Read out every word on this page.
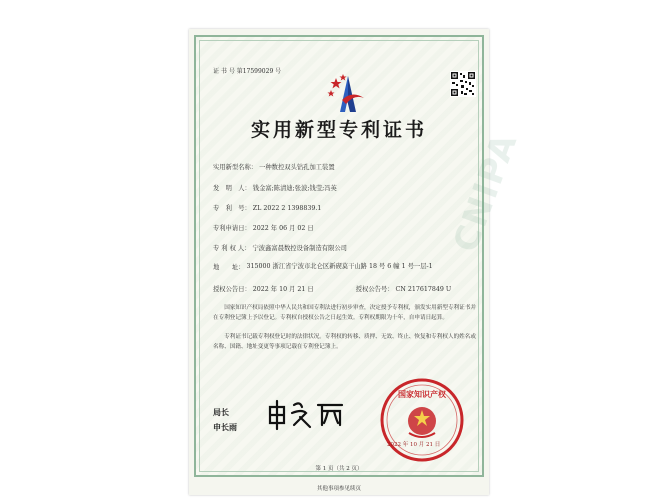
CNIPA
证 书 号 第17599029 号
实用新型专利证书
实用新型名称： 一种数控双头钻孔加工装置
发　明　人： 钱金富;陈清迪;张波;钱莹;冯英
专　利　号： ZL 2022 2 1398839.1
专利申请日： 2022 年 06 月 02 日
专 利 权 人： 宁波鑫富晨数控设备制造有限公司
地　　址： 315000 浙江省宁波市北仑区新碶莫干山路 18 号 6 幢 1 号一层-1
授权公告日： 2022 年 10 月 21 日	授权公告号： CN 217617849 U
国家知识产权局依照中华人民共和国专利法进行初步审查，决定授予专利权，颁发实用新型专利证书并在专利登记簿上予以登记。专利权自授权公告之日起生效。专利权期限为十年，自申请日起算。
专利证书记载专利权登记时的法律状况。专利权的转移、质押、无效、终止、恢复和专利权人的姓名或名称、国籍、地址变更等事项记载在专利登记簿上。
局长
申长雨
国家知识产权
2022 年 10 月 21 日
第 1 页（共 2 页）
其他事项参见续页
